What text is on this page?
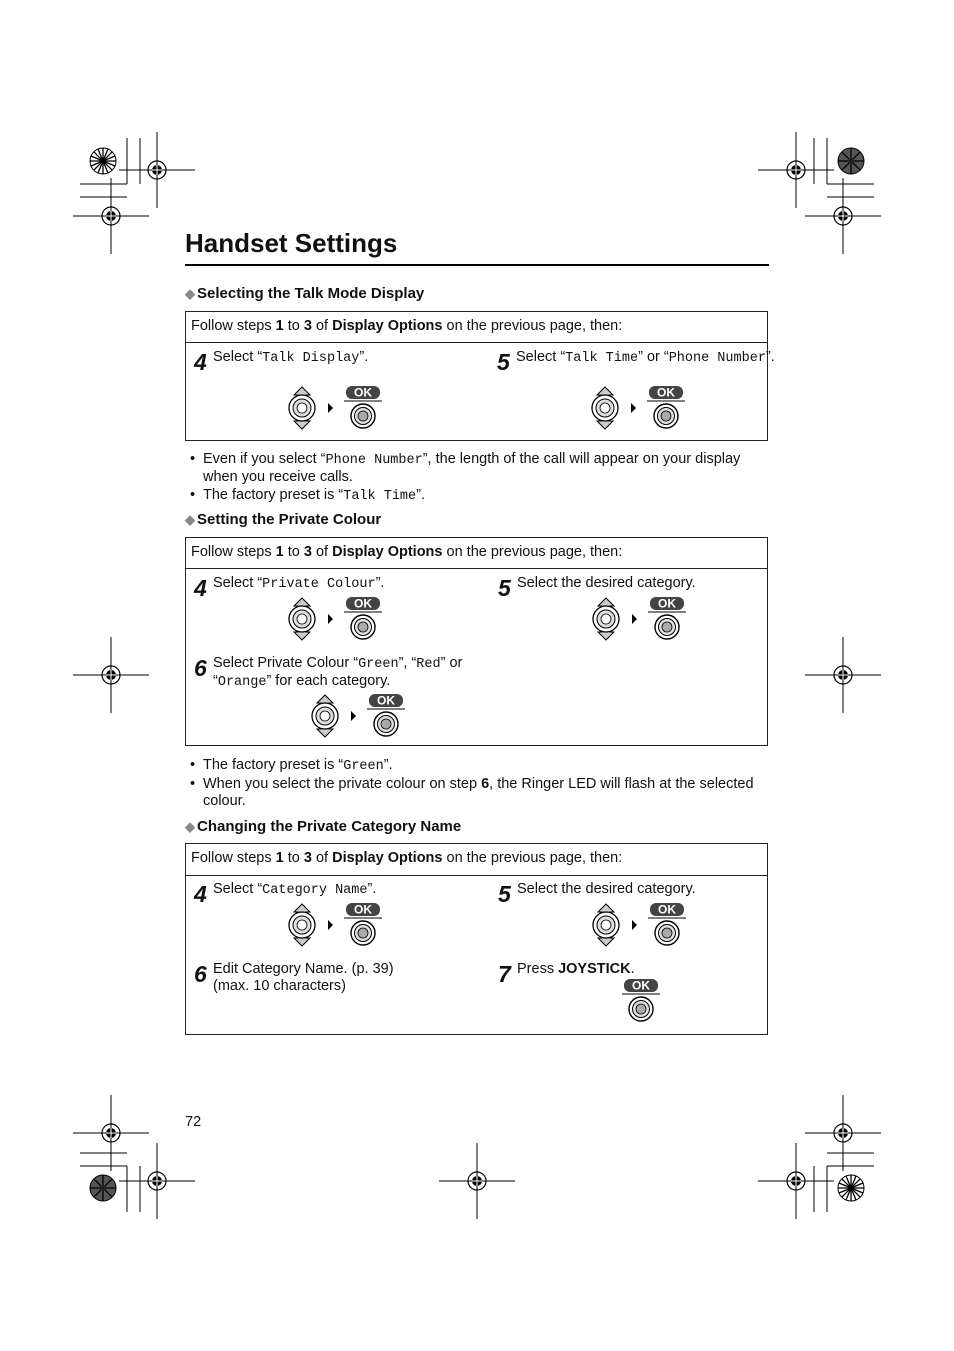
Handset Settings
◆ Selecting the Talk Mode Display
Follow steps 1 to 3 of Display Options on the previous page, then:
4 Select “Talk Display”.
OK
5 Select “Talk Time” or “Phone Number”.
OK
• Even if you select “Phone Number”, the length of the call will appear on your display when you receive calls.
• The factory preset is “Talk Time”.
◆ Setting the Private Colour
Follow steps 1 to 3 of Display Options on the previous page, then:
4 Select “Private Colour”.
OK
5 Select the desired category.
OK
6 Select Private Colour “Green”, “Red” or “Orange” for each category.
OK
• The factory preset is “Green”.
• When you select the private colour on step 6, the Ringer LED will flash at the selected colour.
◆ Changing the Private Category Name
Follow steps 1 to 3 of Display Options on the previous page, then:
4 Select “Category Name”.
OK
5 Select the desired category.
OK
6 Edit Category Name. (p. 39)
(max. 10 characters)	7 Press JOYSTICK.
OK
72
